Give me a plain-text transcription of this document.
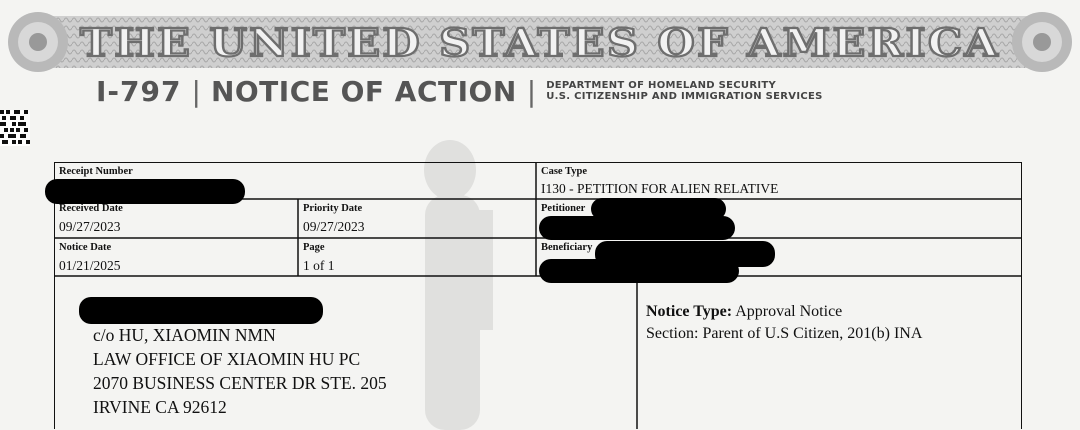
THE UNITED STATES OF AMERICA
I-797 | NOTICE OF ACTION | DEPARTMENT OF HOMELAND SECURITY
U.S. CITIZENSHIP AND IMMIGRATION SERVICES
Receipt Number	Case Type
I130 - PETITION FOR ALIEN RELATIVE
Received Date
09/27/2023
Priority Date
09/27/2023
Petitioner
Notice Date
01/21/2025
Page
1 of 1
Beneficiary
c/o HU, XIAOMIN NMN
LAW OFFICE OF XIAOMIN HU PC
2070 BUSINESS CENTER DR STE. 205
IRVINE CA 92612
Notice Type: Approval Notice
Section: Parent of U.S Citizen, 201(b) INA
